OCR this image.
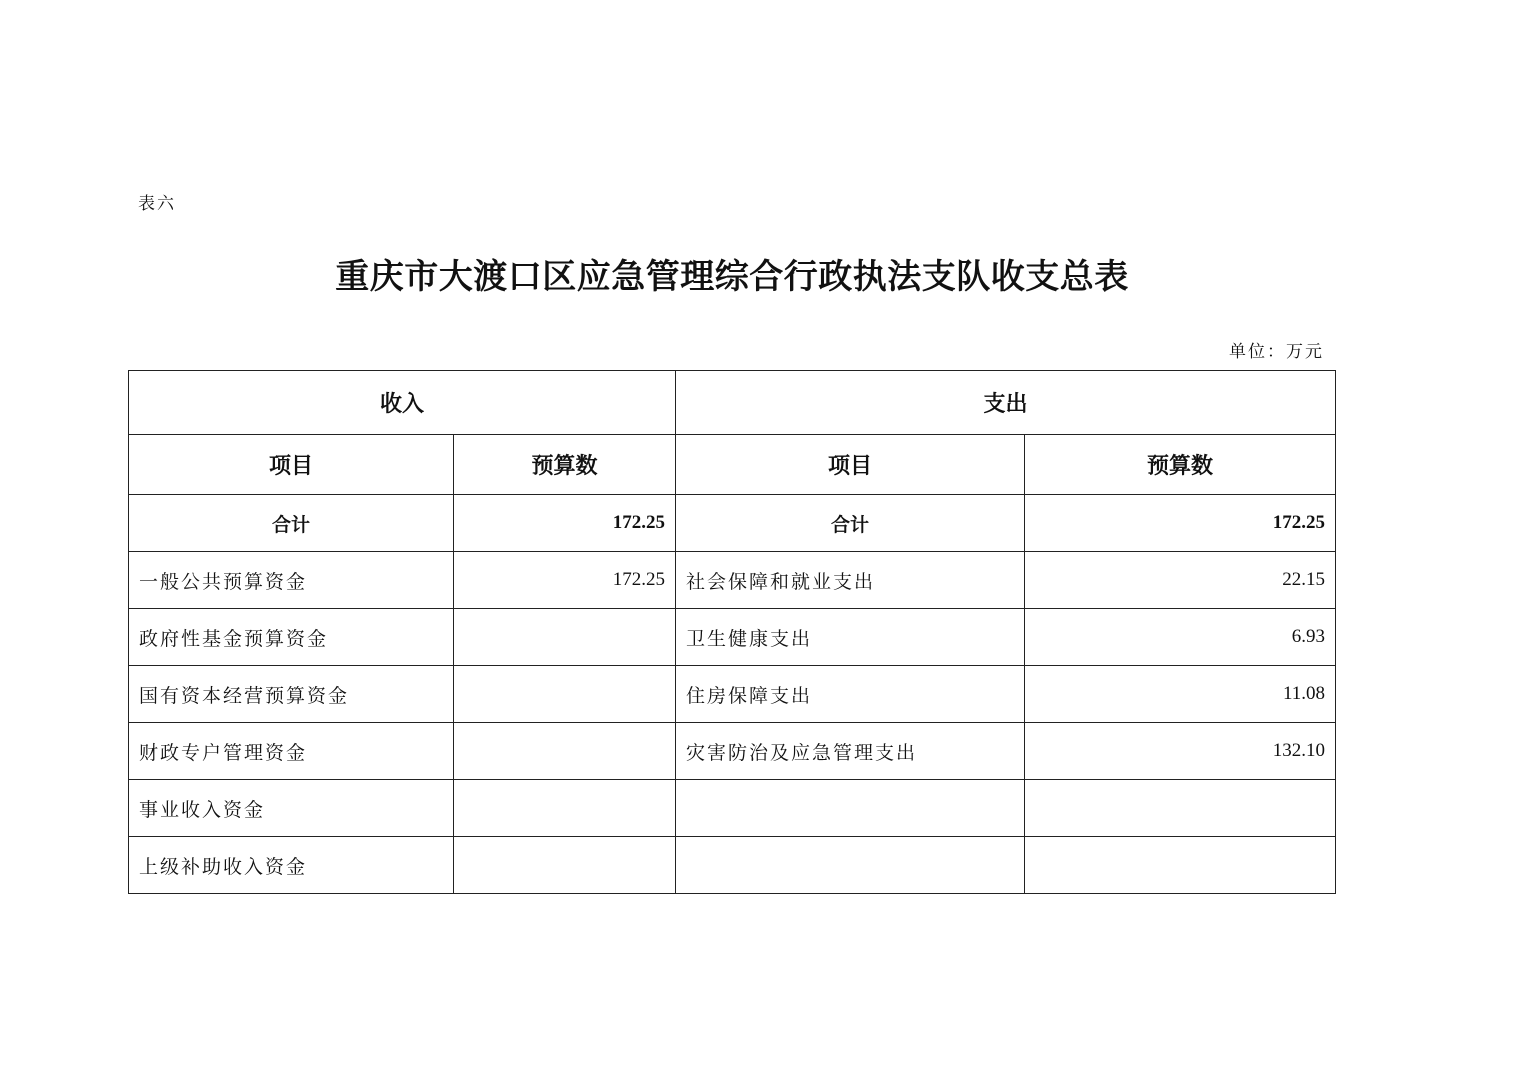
表六
重庆市大渡口区应急管理综合行政执法支队收支总表
单位：万元
收入		支出	
项目	预算数	项目	预算数
合计	172.25	合计	172.25
一般公共预算资金	172.25	社会保障和就业支出	22.15
政府性基金预算资金		卫生健康支出	6.93
国有资本经营预算资金		住房保障支出	11.08
财政专户管理资金		灾害防治及应急管理支出	132.10
事业收入资金			
上级补助收入资金			
